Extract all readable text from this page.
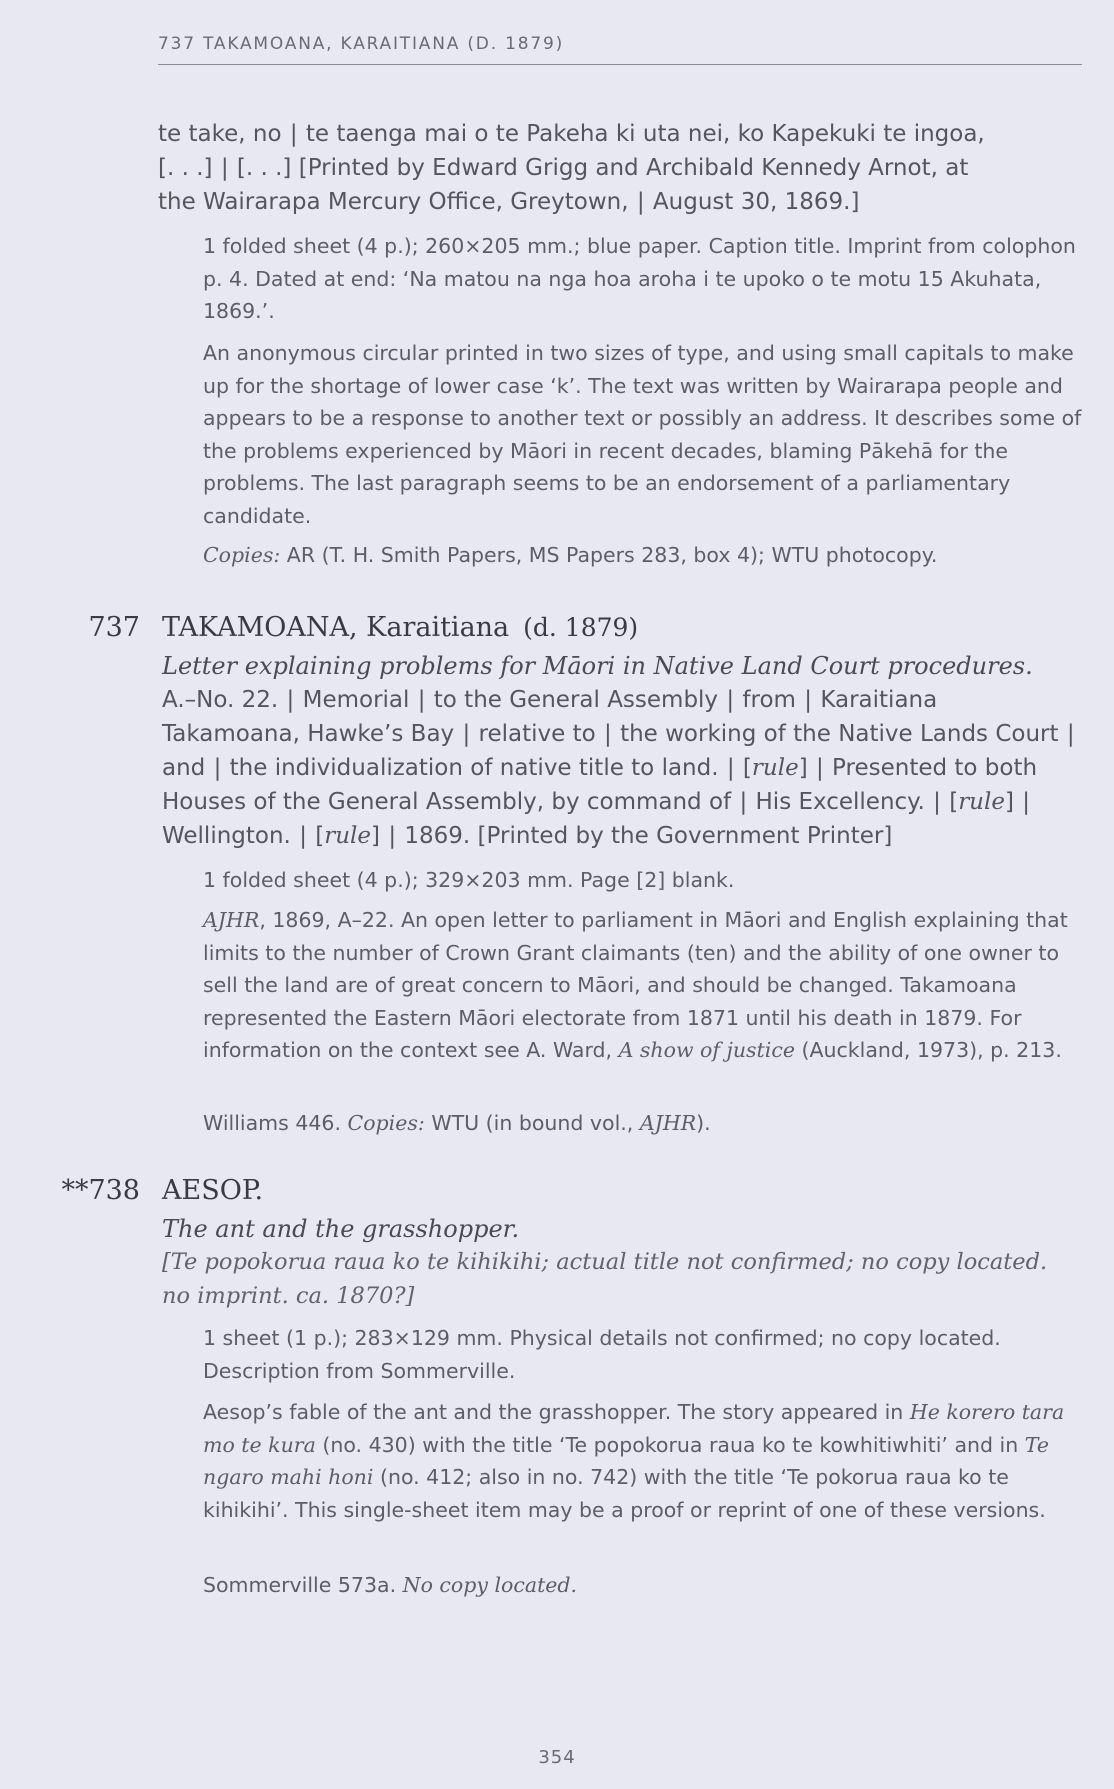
737 TAKAMOANA, KARAITIANA (D. 1879)
te take, no | te taenga mai o te Pakeha ki uta nei, ko Kapekuki te ingoa,
[. . .] | [. . .] [Printed by Edward Grigg and Archibald Kennedy Arnot, at
the Wairarapa Mercury Office, Greytown, | August 30, 1869.]
1 folded sheet (4 p.); 260×205 mm.; blue paper. Caption title. Imprint from colophon p. 4. Dated at end: ‘Na matou na nga hoa aroha i te upoko o te motu 15 Akuhata, 1869.’.
An anonymous circular printed in two sizes of type, and using small capitals to make up for the shortage of lower case ‘k’. The text was written by Wairarapa people and appears to be a response to another text or possibly an address. It describes some of the problems experienced by Māori in recent decades, blaming Pākehā for the problems. The last paragraph seems to be an endorsement of a parliamentary candidate.
Copies: AR (T. H. Smith Papers, MS Papers 283, box 4); WTU photocopy.
737 TAKAMOANA, Karaitiana (d. 1879)
Letter explaining problems for Māori in Native Land Court procedures.
A.–No. 22. | Memorial | to the General Assembly | from | Karaitiana Takamoana, Hawke’s Bay | relative to | the working of the Native Lands Court | and | the individualization of native title to land. | [rule] | Presented to both Houses of the General Assembly, by command of | His Excellency. | [rule] | Wellington. | [rule] | 1869. [Printed by the Government Printer]
1 folded sheet (4 p.); 329×203 mm. Page [2] blank.
AJHR, 1869, A–22. An open letter to parliament in Māori and English explaining that limits to the number of Crown Grant claimants (ten) and the ability of one owner to sell the land are of great concern to Māori, and should be changed. Takamoana represented the Eastern Māori electorate from 1871 until his death in 1879. For information on the context see A. Ward, A show of justice (Auckland, 1973), p. 213.
Williams 446. Copies: WTU (in bound vol., AJHR).
**738 AESOP.
The ant and the grasshopper.
[Te popokorua raua ko te kihikihi; actual title not confirmed; no copy located. no imprint. ca. 1870?]
1 sheet (1 p.); 283×129 mm. Physical details not confirmed; no copy located. Description from Sommerville.
Aesop’s fable of the ant and the grasshopper. The story appeared in He korero tara mo te kura (no. 430) with the title ‘Te popokorua raua ko te kowhitiwhiti’ and in Te ngaro mahi honi (no. 412; also in no. 742) with the title ‘Te pokorua raua ko te kihikihi’. This single-sheet item may be a proof or reprint of one of these versions.
Sommerville 573a. No copy located.
354
